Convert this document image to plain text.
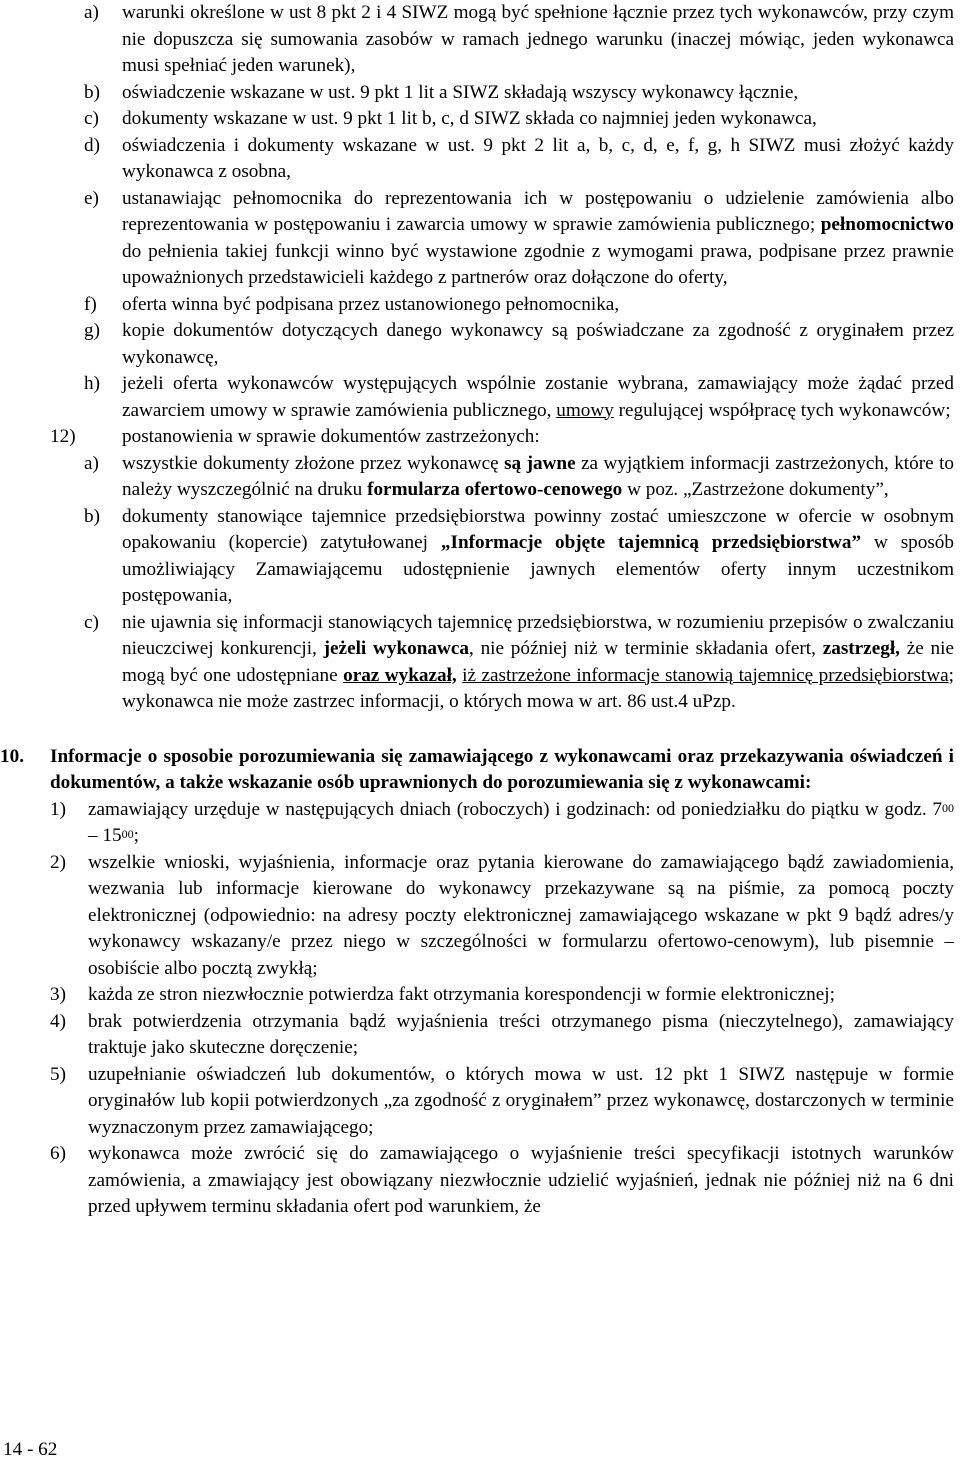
a)	warunki określone w ust 8 pkt 2 i 4 SIWZ mogą być spełnione łącznie przez tych wykonawców, przy czym nie dopuszcza się sumowania zasobów w ramach jednego warunku (inaczej mówiąc, jeden wykonawca musi spełniać jeden warunek),
b)	oświadczenie wskazane w ust. 9 pkt 1 lit a SIWZ składają wszyscy wykonawcy łącznie,
c)	dokumenty wskazane w ust. 9 pkt 1 lit b, c, d SIWZ składa co najmniej jeden wykonawca,
d)	oświadczenia i dokumenty wskazane w ust. 9 pkt 2 lit a, b, c, d, e, f, g, h SIWZ musi złożyć każdy wykonawca z osobna,
e)	ustanawiając pełnomocnika do reprezentowania ich w postępowaniu o udzielenie zamówienia albo reprezentowania w postępowaniu i zawarcia umowy w sprawie zamówienia publicznego; pełnomocnictwo do pełnienia takiej funkcji winno być wystawione zgodnie z wymogami prawa, podpisane przez prawnie upoważnionych przedstawicieli każdego z partnerów oraz dołączone do oferty,
f)	oferta winna być podpisana przez ustanowionego pełnomocnika,
g)	kopie dokumentów dotyczących danego wykonawcy są poświadczane za zgodność z oryginałem przez wykonawcę,
h)	jeżeli oferta wykonawców występujących wspólnie zostanie wybrana, zamawiający może żądać przed zawarciem umowy w sprawie zamówienia publicznego, umowy regulującej współpracę tych wykonawców;
12)	postanowienia w sprawie dokumentów zastrzeżonych:
a)	wszystkie dokumenty złożone przez wykonawcę są jawne za wyjątkiem informacji zastrzeżonych, które to należy wyszczególnić na druku formularza ofertowo-cenowego w poz. „Zastrzeżone dokumenty”,
b)	dokumenty stanowiące tajemnice przedsiębiorstwa powinny zostać umieszczone w ofercie w osobnym opakowaniu (kopercie) zatytułowanej „Informacje objęte tajemnicą przedsiębiorstwa” w sposób umożliwiający Zamawiającemu udostępnienie jawnych elementów oferty innym uczestnikom postępowania,
c)	nie ujawnia się informacji stanowiących tajemnicę przedsiębiorstwa, w rozumieniu przepisów o zwalczaniu nieuczciwej konkurencji, jeżeli wykonawca, nie później niż w terminie składania ofert, zastrzegł, że nie mogą być one udostępniane oraz wykazał, iż zastrzeżone informacje stanowią tajemnicę przedsiębiorstwa; wykonawca nie może zastrzec informacji, o których mowa w art. 86 ust.4 uPzp.
10.	Informacje o sposobie porozumiewania się zamawiającego z wykonawcami oraz przekazywania oświadczeń i dokumentów, a także wskazanie osób uprawnionych do porozumiewania się z wykonawcami:
1)	zamawiający urzęduje w następujących dniach (roboczych) i godzinach: od poniedziałku do piątku w godz. $7^{00} - 15^{00}$;
2)	wszelkie wnioski, wyjaśnienia, informacje oraz pytania kierowane do zamawiającego bądź zawiadomienia, wezwania lub informacje kierowane do wykonawcy przekazywane są na piśmie, za pomocą poczty elektronicznej (odpowiednio: na adresy poczty elektronicznej zamawiającego wskazane w pkt 9 bądź adres/y wykonawcy wskazany/e przez niego w szczególności w formularzu ofertowo-cenowym), lub pisemnie – osobiście albo pocztą zwykłą;
3)	każda ze stron niezwłocznie potwierdza fakt otrzymania korespondencji w formie elektronicznej;
4)	brak potwierdzenia otrzymania bądź wyjaśnienia treści otrzymanego pisma (nieczytelnego), zamawiający traktuje jako skuteczne doręczenie;
5)	uzupełnianie oświadczeń lub dokumentów, o których mowa w ust. 12 pkt 1 SIWZ następuje w formie oryginałów lub kopii potwierdzonych „za zgodność z oryginałem” przez wykonawcę, dostarczonych w terminie wyznaczonym przez zamawiającego;
6)	wykonawca może zwrócić się do zamawiającego o wyjaśnienie treści specyfikacji istotnych warunków zamówienia, a zmawiający jest obowiązany niezwłocznie udzielić wyjaśnień, jednak nie później niż na 6 dni przed upływem terminu składania ofert pod warunkiem, że
14 - 62
